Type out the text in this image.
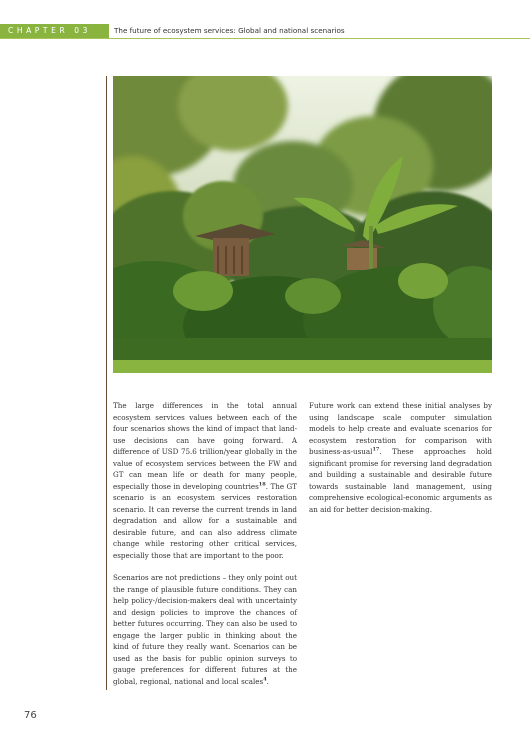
CHAPTER 03	The future of ecosystem services: Global and national scenarios

The large differences in the total annual ecosystem services values between each of the four scenarios shows the kind of impact that land-use decisions can have going forward. A difference of USD 75.6 trillion/year globally in the value of ecosystem services between the FW and GT can mean life or death for many people, especially those in developing countries$^{18}$. The GT scenario is an ecosystem services restoration scenario. It can reverse the current trends in land degradation and allow for a sustainable and desirable future, and can also address climate change while restoring other critical services, especially those that are important to the poor.

Scenarios are not predictions – they only point out the range of plausible future conditions. They can help policy-/decision-makers deal with uncertainty and design policies to improve the chances of better futures occurring. They can also be used to engage the larger public in thinking about the kind of future they really want. Scenarios can be used as the basis for public opinion surveys to gauge preferences for different futures at the global, regional, national and local scales$^4$.

Future work can extend these initial analyses by using landscape scale computer simulation models to help create and evaluate scenarios for ecosystem restoration for comparison with business-as-usual$^{17}$. These approaches hold significant promise for reversing land degradation and building a sustainable and desirable future towards sustainable land management, using comprehensive ecological-economic arguments as an aid for better decision-making.

76
